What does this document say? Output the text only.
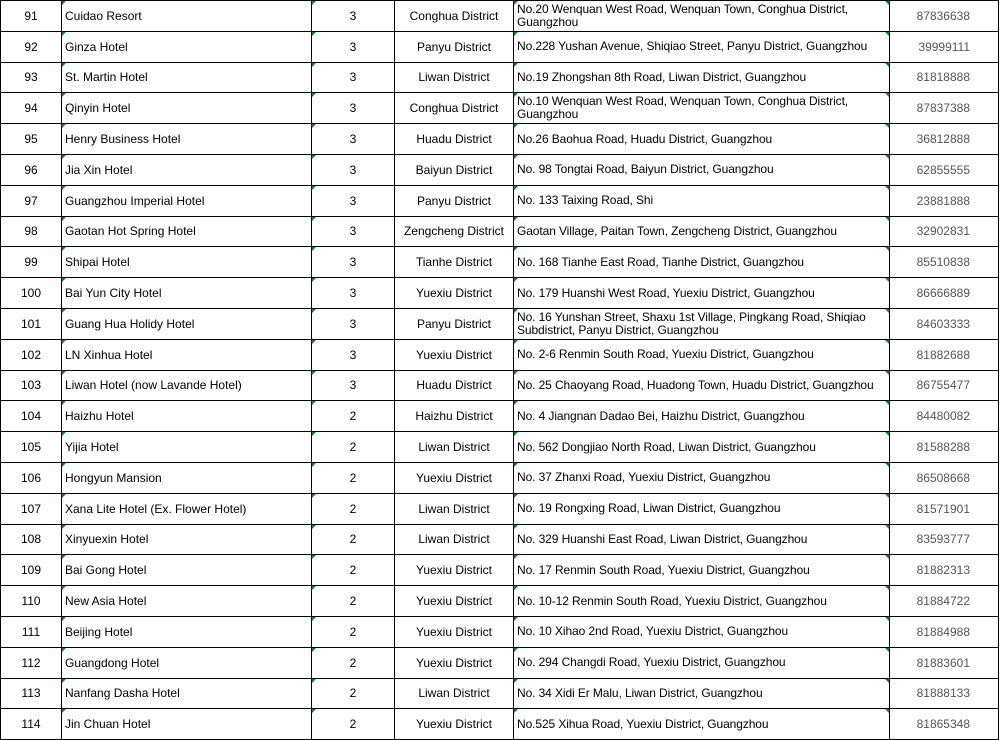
91	Cuidao Resort	3	Conghua District	No.20 Wenquan West Road, Wenquan Town, Conghua District, Guangzhou	87836638
92	Ginza Hotel	3	Panyu District	No.228 Yushan Avenue, Shiqiao Street, Panyu District, Guangzhou	39999111
93	St. Martin Hotel	3	Liwan District	No.19 Zhongshan 8th Road, Liwan District, Guangzhou	81818888
94	Qinyin Hotel	3	Conghua District	No.10 Wenquan West Road, Wenquan Town, Conghua District, Guangzhou	87837388
95	Henry Business Hotel	3	Huadu District	No.26 Baohua Road, Huadu District, Guangzhou	36812888
96	Jia Xin Hotel	3	Baiyun District	No. 98 Tongtai Road, Baiyun District, Guangzhou	62855555
97	Guangzhou Imperial Hotel	3	Panyu District	No. 133 Taixing Road, Shi	23881888
98	Gaotan Hot Spring Hotel	3	Zengcheng District	Gaotan Village, Paitan Town, Zengcheng District, Guangzhou	32902831
99	Shipai Hotel	3	Tianhe District	No. 168 Tianhe East Road, Tianhe District, Guangzhou	85510838
100	Bai Yun City Hotel	3	Yuexiu District	No. 179 Huanshi West Road, Yuexiu District, Guangzhou	86666889
101	Guang Hua Holidy Hotel	3	Panyu District	No. 16 Yunshan Street, Shaxu 1st Village, Pingkang Road, Shiqiao Subdistrict, Panyu District, Guangzhou	84603333
102	LN Xinhua Hotel	3	Yuexiu District	No. 2-6 Renmin South Road, Yuexiu District, Guangzhou	81882688
103	Liwan Hotel (now Lavande Hotel)	3	Huadu District	No. 25 Chaoyang Road, Huadong Town, Huadu District, Guangzhou	86755477
104	Haizhu Hotel	2	Haizhu District	No. 4 Jiangnan Dadao Bei, Haizhu District, Guangzhou	84480082
105	Yijia Hotel	2	Liwan District	No. 562 Dongjiao North Road, Liwan District, Guangzhou	81588288
106	Hongyun Mansion	2	Yuexiu District	No. 37 Zhanxi Road, Yuexiu District, Guangzhou	86508668
107	Xana Lite Hotel (Ex. Flower Hotel)	2	Liwan District	No. 19 Rongxing Road, Liwan District, Guangzhou	81571901
108	Xinyuexin Hotel	2	Liwan District	No. 329 Huanshi East Road, Liwan District, Guangzhou	83593777
109	Bai Gong Hotel	2	Yuexiu District	No. 17 Renmin South Road, Yuexiu District, Guangzhou	81882313
110	New Asia Hotel	2	Yuexiu District	No. 10-12 Renmin South Road, Yuexiu District, Guangzhou	81884722
111	Beijing Hotel	2	Yuexiu District	No. 10 Xihao 2nd Road, Yuexiu District, Guangzhou	81884988
112	Guangdong Hotel	2	Yuexiu District	No. 294 Changdi Road, Yuexiu District, Guangzhou	81883601
113	Nanfang Dasha Hotel	2	Liwan District	No. 34 Xidi Er Malu, Liwan District, Guangzhou	81888133
114	Jin Chuan Hotel	2	Yuexiu District	No.525 Xihua Road, Yuexiu District, Guangzhou	81865348
